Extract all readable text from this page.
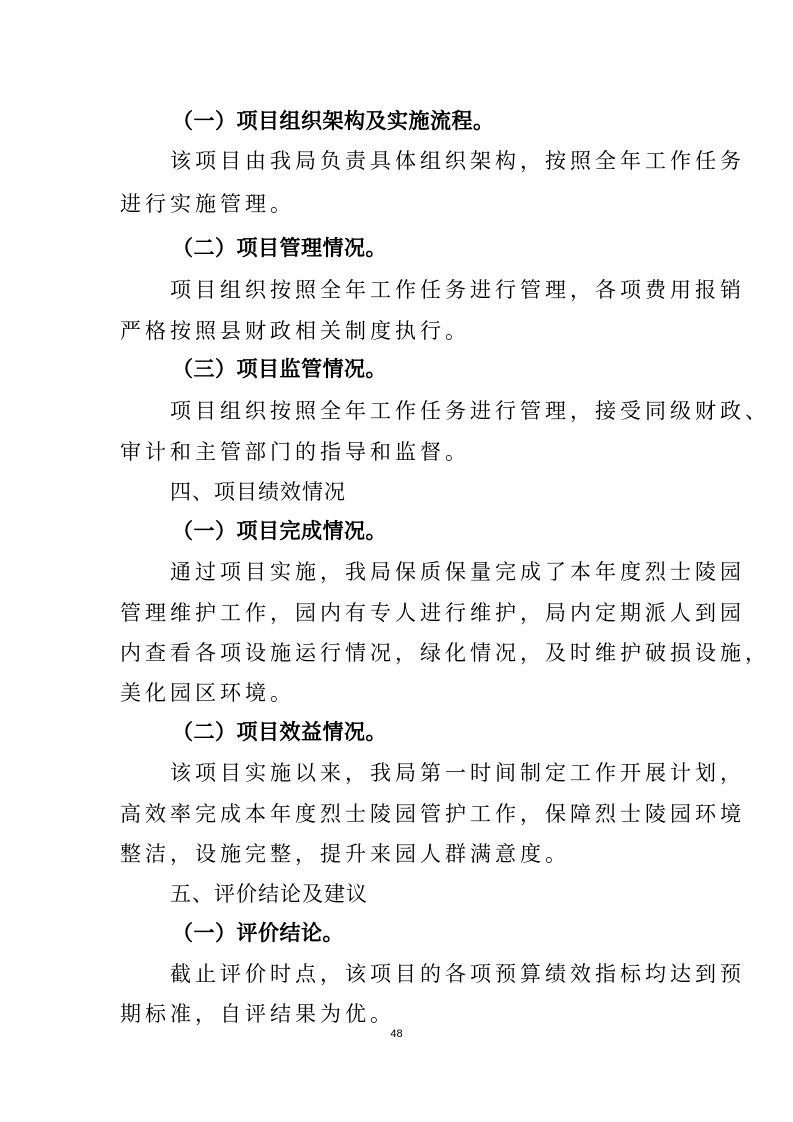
（一）项目组织架构及实施流程。
该项目由我局负责具体组织架构，按照全年工作任务
进行实施管理。
（二）项目管理情况。
项目组织按照全年工作任务进行管理，各项费用报销
严格按照县财政相关制度执行。
（三）项目监管情况。
项目组织按照全年工作任务进行管理，接受同级财政、
审计和主管部门的指导和监督。
四、项目绩效情况
（一）项目完成情况。
通过项目实施，我局保质保量完成了本年度烈士陵园
管理维护工作，园内有专人进行维护，局内定期派人到园
内查看各项设施运行情况，绿化情况，及时维护破损设施，
美化园区环境。
（二）项目效益情况。
该项目实施以来，我局第一时间制定工作开展计划，
高效率完成本年度烈士陵园管护工作，保障烈士陵园环境
整洁，设施完整，提升来园人群满意度。
五、评价结论及建议
（一）评价结论。
截止评价时点，该项目的各项预算绩效指标均达到预
期标准，自评结果为优。
48
